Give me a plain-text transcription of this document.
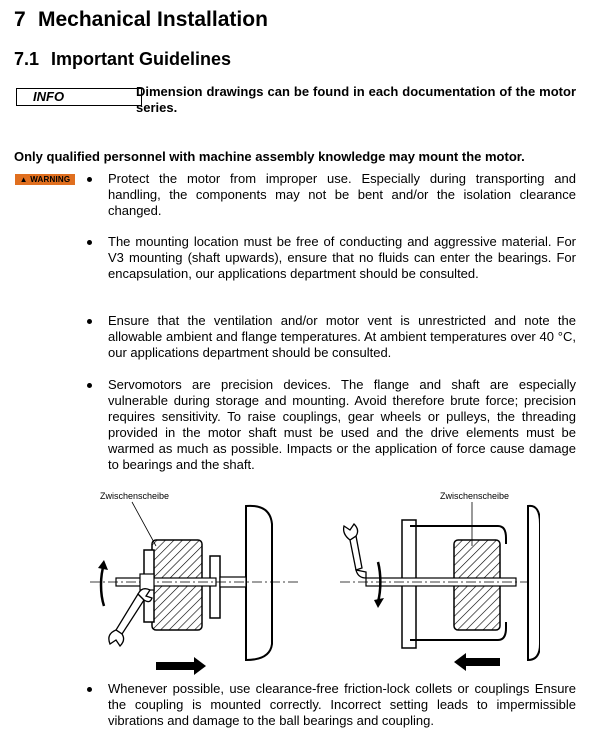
7 Mechanical Installation
7.1 Important Guidelines
INFO	Dimension drawings can be found in each documentation of the motor series.
Only qualified personnel with machine assembly knowledge may mount the motor.
▲ WARNING	Protect the motor from improper use. Especially during transporting and handling, the components may not be bent and/or the isolation clearance changed.
The mounting location must be free of conducting and aggressive material. For V3 mounting (shaft upwards), ensure that no fluids can enter the bearings. For encapsulation, our applications department should be consulted.
Ensure that the ventilation and/or motor vent is unrestricted and note the allowable ambient and flange temperatures. At ambient temperatures over 40 °C, our applications department should be consulted.
Servomotors are precision devices. The flange and shaft are especially vulnerable during storage and mounting. Avoid therefore brute force; precision requires sensitivity. To raise couplings, gear wheels or pulleys, the threading provided in the motor shaft must be used and the drive elements must be warmed as much as possible. Impacts or the application of force cause damage to bearings and the shaft.
Zwischenscheibe	Zwischenscheibe
Whenever possible, use clearance-free friction-lock collets or couplings Ensure the coupling is mounted correctly. Incorrect setting leads to impermissible vibrations and damage to the ball bearings and coupling.
